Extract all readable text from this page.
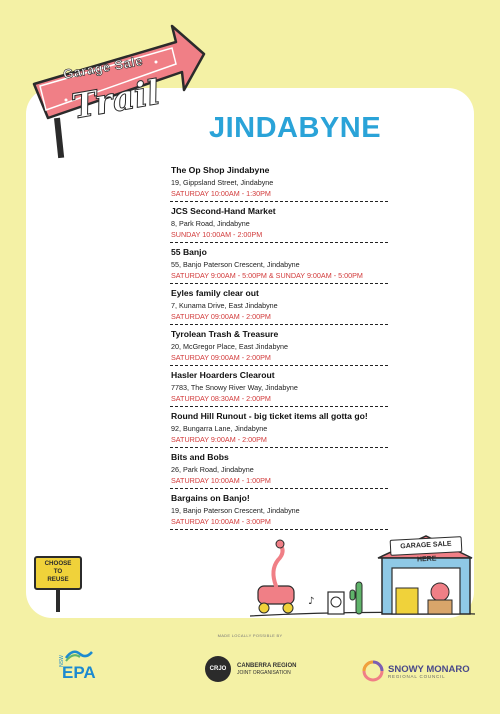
Garage Sale
Trail
JINDABYNE
The Op Shop Jindabyne
19, Gippsland Street, Jindabyne
SATURDAY 10:00AM - 1:30PM
JCS Second-Hand Market
8, Park Road, Jindabyne
SUNDAY 10:00AM - 2:00PM
55 Banjo
55, Banjo Paterson Crescent, Jindabyne
SATURDAY 9:00AM - 5:00PM & SUNDAY 9:00AM - 5:00PM
Eyles family clear out
7, Kunama Drive, East Jindabyne
SATURDAY 09:00AM - 2:00PM
Tyrolean Trash & Treasure
20, McGregor Place, East Jindabyne
SATURDAY 09:00AM - 2:00PM
Hasler Hoarders Clearout
7783, The Snowy River Way, Jindabyne
SATURDAY 08:30AM - 2:00PM
Round Hill Runout - big ticket items all gotta go!
92, Bungarra Lane, Jindabyne
SATURDAY 9:00AM - 2:00PM
Bits and Bobs
26, Park Road, Jindabyne
SATURDAY 10:00AM - 1:00PM
Bargains on Banjo!
19, Banjo Paterson Crescent, Jindabyne
SATURDAY 10:00AM - 3:00PM
CHOOSE
TO
REUSE
♪
GARAGE SALE HERE
MADE LOCALLY POSSIBLE BY
NSW
EPA	CRJO	CANBERRA REGION
JOINT ORGANISATION	SNOWY MONARO
REGIONAL COUNCIL
